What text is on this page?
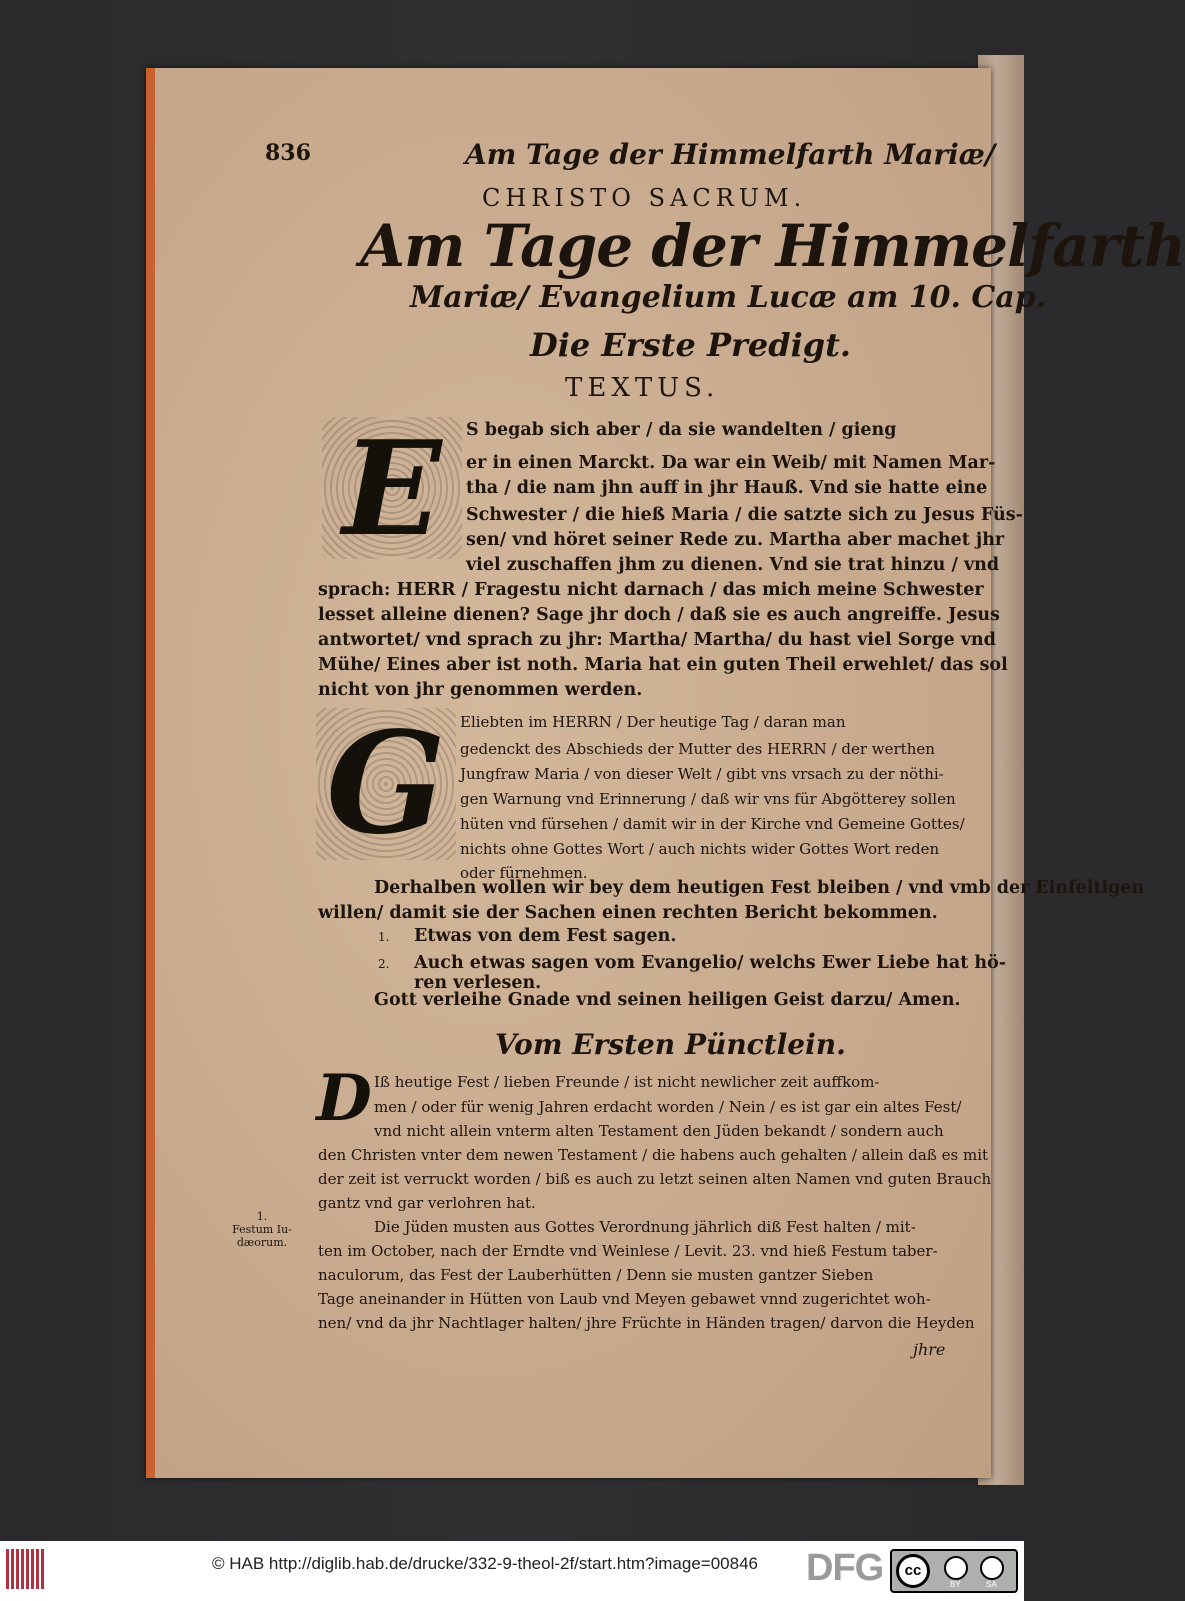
836	Am Tage der Himmelfarth Mariæ/

CHRISTO SACRUM.

Am Tage der Himmelfarth

Mariæ/ Evangelium Lucæ am 10. Cap.

Die Erste Predigt.

TEXTUS.

E	S begab sich aber / da sie wandelten / gieng

er in einen Marckt. Da war ein Weib/ mit Namen Mar-

tha / die nam jhn auff in jhr Hauß. Vnd sie hatte eine

Schwester / die hieß Maria / die satzte sich zu Jesus Füs-

sen/ vnd höret seiner Rede zu. Martha aber machet jhr

viel zuschaffen jhm zu dienen. Vnd sie trat hinzu / vnd

sprach: HERR / Fragestu nicht darnach / das mich meine Schwester

lesset alleine dienen? Sage jhr doch / daß sie es auch angreiffe. Jesus

antwortet/ vnd sprach zu jhr: Martha/ Martha/ du hast viel Sorge vnd

Mühe/ Eines aber ist noth. Maria hat ein guten Theil erwehlet/ das sol

nicht von jhr genommen werden.

G Eliebten im HERRN / Der heutige Tag / daran man

gedenckt des Abschieds der Mutter des HERRN / der werthen

Jungfraw Maria / von dieser Welt / gibt vns vrsach zu der nöthi-

gen Warnung vnd Erinnerung / daß wir vns für Abgötterey sollen

hüten vnd fürsehen / damit wir in der Kirche vnd Gemeine Gottes/

nichts ohne Gottes Wort / auch nichts wider Gottes Wort reden

oder fürnehmen.

Derhalben wollen wir bey dem heutigen Fest bleiben / vnd vmb der Einfeltigen

willen/ damit sie der Sachen einen rechten Bericht bekommen.

1. Etwas von dem Fest sagen.

2. Auch etwas sagen vom Evangelio/ welchs Ewer Liebe hat hö-

ren verlesen.

Gott verleihe Gnade vnd seinen heiligen Geist darzu/ Amen.

Vom Ersten Pünctlein.

D Iß heutige Fest / lieben Freunde / ist nicht newlicher zeit auffkom-

men / oder für wenig Jahren erdacht worden / Nein / es ist gar ein altes Fest/

vnd nicht allein vnterm alten Testament den Jüden bekandt / sondern auch

den Christen vnter dem newen Testament / die habens auch gehalten / allein daß es mit

der zeit ist verruckt worden / biß es auch zu letzt seinen alten Namen vnd guten Brauch

gantz vnd gar verlohren hat.

Die Jüden musten aus Gottes Verordnung jährlich diß Fest halten / mit-

ten im October, nach der Erndte vnd Weinlese / Levit. 23. vnd hieß Festum taber-

naculorum, das Fest der Lauberhütten / Denn sie musten gantzer Sieben

Tage aneinander in Hütten von Laub vnd Meyen gebawet vnnd zugerichtet woh-

nen/ vnd da jhr Nachtlager halten/ jhre Früchte in Händen tragen/ darvon die Heyden

1.
Festum Iu-dæorum.

jhre

© HAB http://diglib.hab.de/drucke/332-9-theol-2f/start.htm?image=00846 DFG	cc
BY	SA
